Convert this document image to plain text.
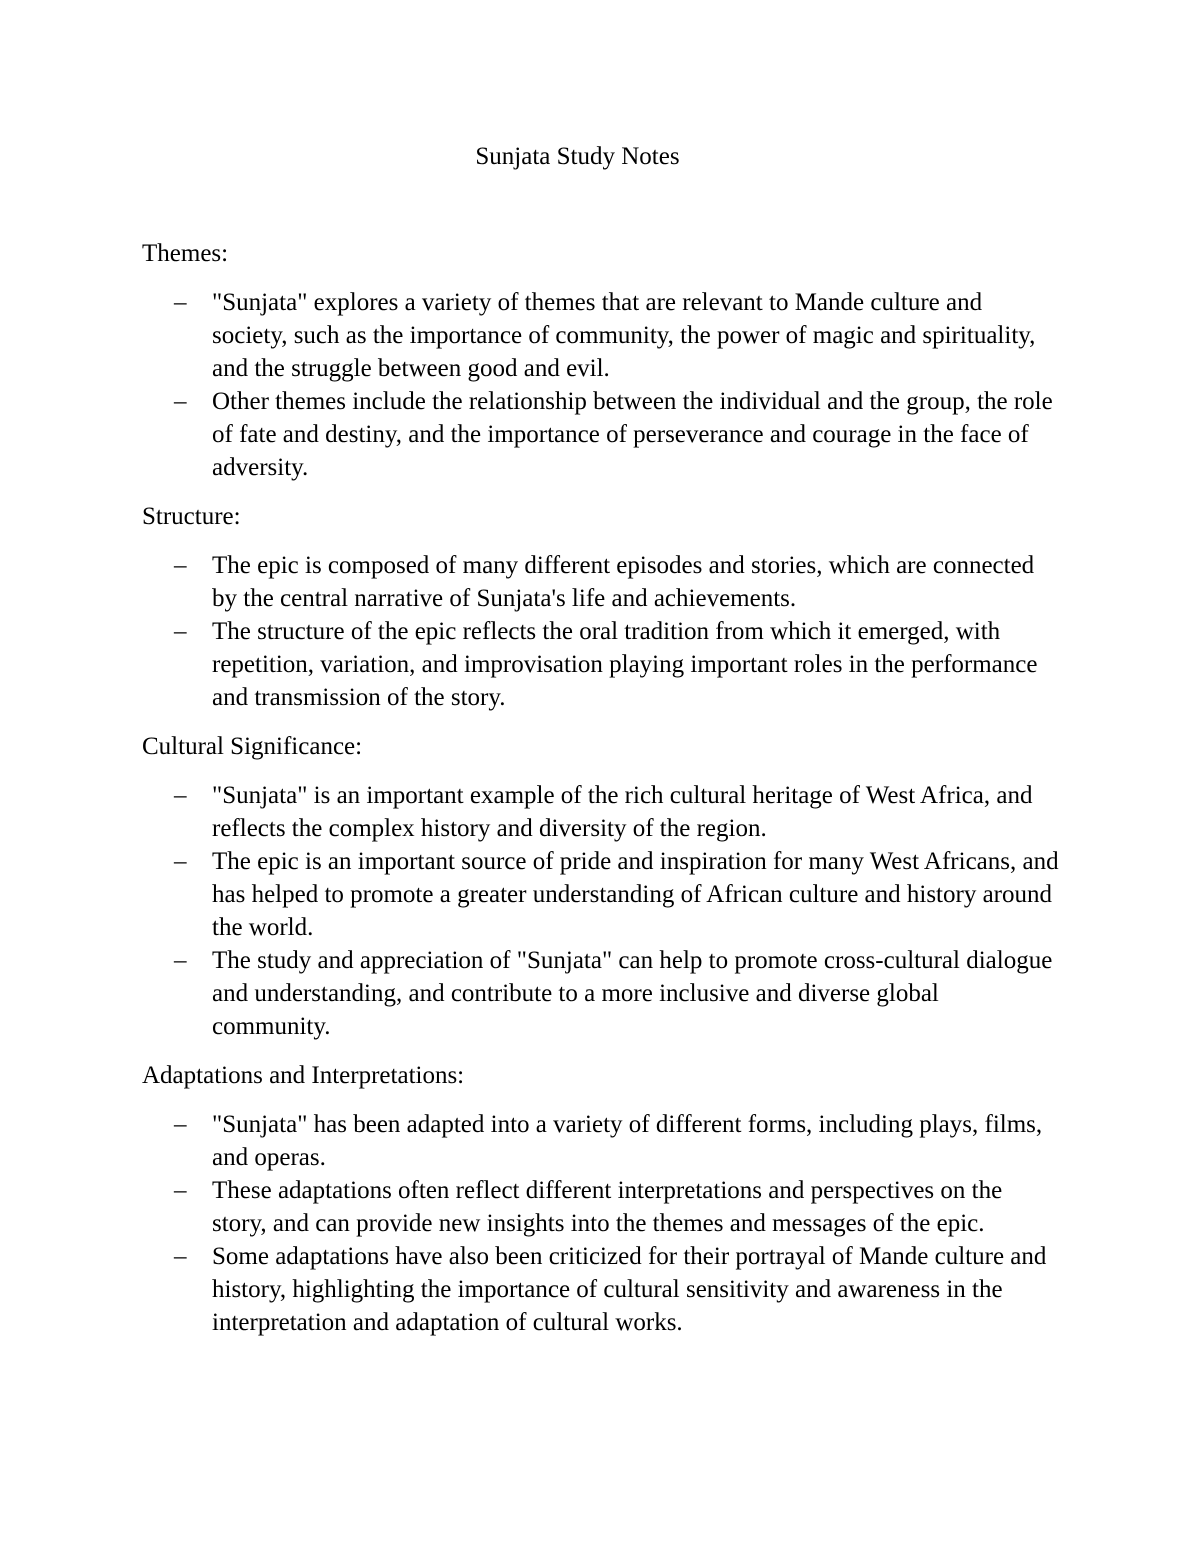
Sunjata Study Notes
Themes:
– "Sunjata" explores a variety of themes that are relevant to Mande culture and society, such as the importance of community, the power of magic and spirituality, and the struggle between good and evil.
– Other themes include the relationship between the individual and the group, the role of fate and destiny, and the importance of perseverance and courage in the face of adversity.
Structure:
– The epic is composed of many different episodes and stories, which are connected by the central narrative of Sunjata's life and achievements.
– The structure of the epic reflects the oral tradition from which it emerged, with repetition, variation, and improvisation playing important roles in the performance and transmission of the story.
Cultural Significance:
– "Sunjata" is an important example of the rich cultural heritage of West Africa, and reflects the complex history and diversity of the region.
– The epic is an important source of pride and inspiration for many West Africans, and has helped to promote a greater understanding of African culture and history around the world.
– The study and appreciation of "Sunjata" can help to promote cross-cultural dialogue and understanding, and contribute to a more inclusive and diverse global community.
Adaptations and Interpretations:
– "Sunjata" has been adapted into a variety of different forms, including plays, films, and operas.
– These adaptations often reflect different interpretations and perspectives on the story, and can provide new insights into the themes and messages of the epic.
– Some adaptations have also been criticized for their portrayal of Mande culture and history, highlighting the importance of cultural sensitivity and awareness in the interpretation and adaptation of cultural works.
